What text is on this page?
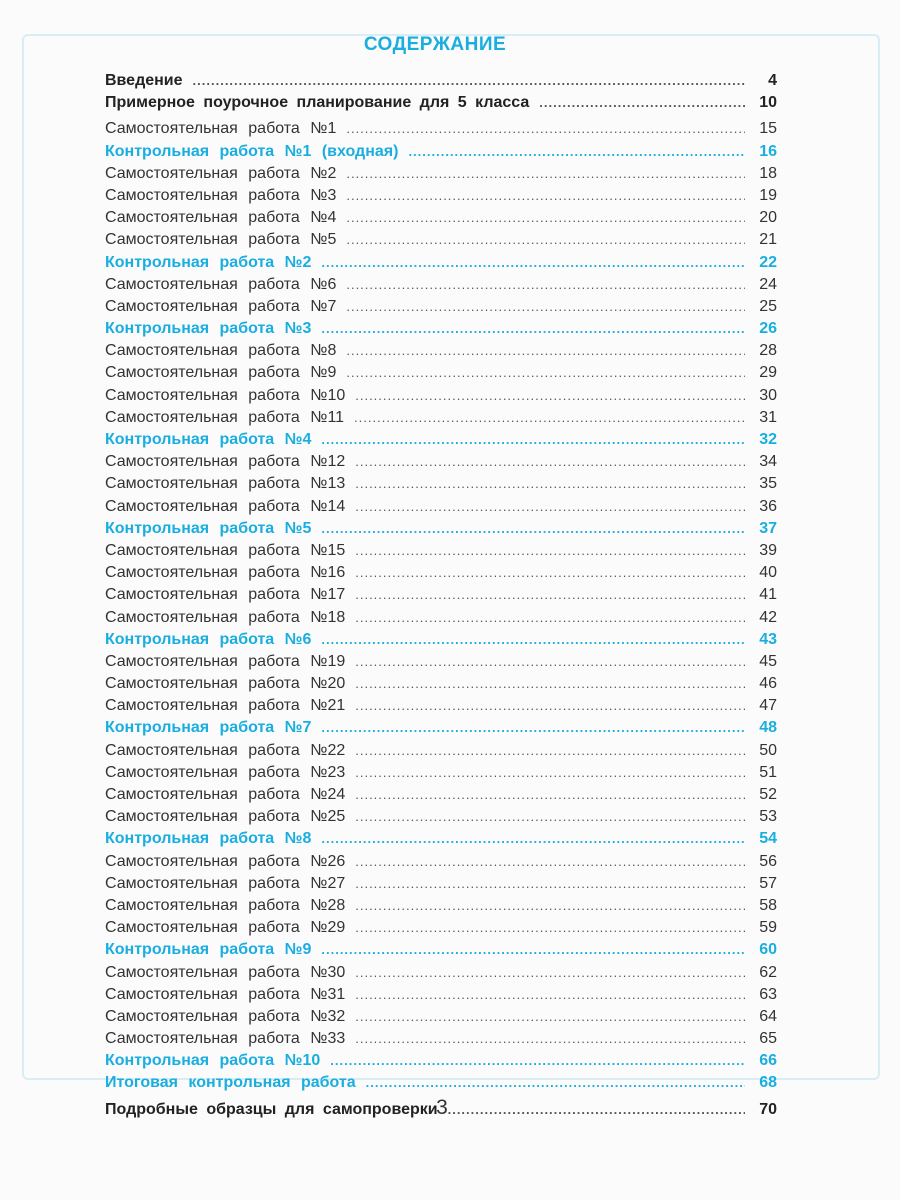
СОДЕРЖАНИЕ
Введение .....	4
Примерное поурочное планирование для 5 класса .....	10
Самостоятельная работа №1 .....	15
Контрольная работа №1 (входная) .....	16
Самостоятельная работа №2 .....	18
Самостоятельная работа №3 .....	19
Самостоятельная работа №4 .....	20
Самостоятельная работа №5 .....	21
Контрольная работа №2 .....	22
Самостоятельная работа №6 .....	24
Самостоятельная работа №7 .....	25
Контрольная работа №3 .....	26
Самостоятельная работа №8 .....	28
Самостоятельная работа №9 .....	29
Самостоятельная работа №10 .....	30
Самостоятельная работа №11 .....	31
Контрольная работа №4 .....	32
Самостоятельная работа №12 .....	34
Самостоятельная работа №13 .....	35
Самостоятельная работа №14 .....	36
Контрольная работа №5 .....	37
Самостоятельная работа №15 .....	39
Самостоятельная работа №16 .....	40
Самостоятельная работа №17 .....	41
Самостоятельная работа №18 .....	42
Контрольная работа №6 .....	43
Самостоятельная работа №19 .....	45
Самостоятельная работа №20 .....	46
Самостоятельная работа №21 .....	47
Контрольная работа №7 .....	48
Самостоятельная работа №22 .....	50
Самостоятельная работа №23 .....	51
Самостоятельная работа №24 .....	52
Самостоятельная работа №25 .....	53
Контрольная работа №8 .....	54
Самостоятельная работа №26 .....	56
Самостоятельная работа №27 .....	57
Самостоятельная работа №28 .....	58
Самостоятельная работа №29 .....	59
Контрольная работа №9 .....	60
Самостоятельная работа №30 .....	62
Самостоятельная работа №31 .....	63
Самостоятельная работа №32 .....	64
Самостоятельная работа №33 .....	65
Контрольная работа №10 .....	66
Итоговая контрольная работа .....	68
Подробные образцы для самопроверки .....	70
3
